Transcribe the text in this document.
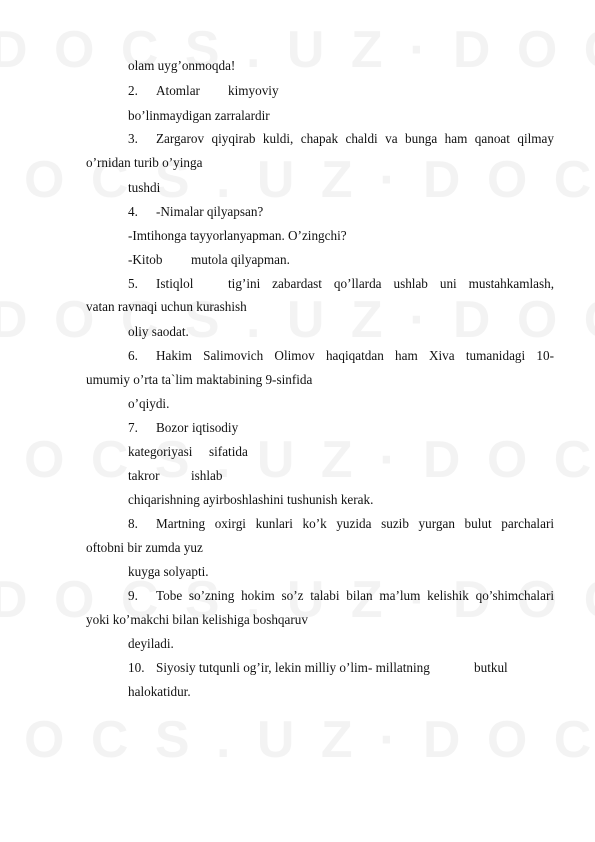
olam uyg’onmoqda!
2.	Atomlar kimyoviy
bo’linmaydigan zarralardir
3.	Zargarov qiyqirab kuldi, chapak chaldi va bunga ham qanoat qilmay
o’rnidan turib o’yinga
tushdi
4.	-Nimalar qilyapsan?
-Imtihonga tayyorlanyapman. O’zingchi?
-Kitob mutola qilyapman.
5.	Istiqlol	tig’ini zabardast qo’llarda ushlab uni mustahkamlash,
vatan ravnaqi uchun kurashish
oliy saodat.
6.	Hakim Salimovich Olimov haqiqatdan ham Xiva tumanidagi 10-
umumiy o’rta ta`lim maktabining 9-sinfida
o’qiydi.
7.	Bozor iqtisodiy
kategoriyasi sifatida
takror ishlab
chiqarishning ayirboshlashini tushunish kerak.
8.	Martning oxirgi kunlari ko’k yuzida suzib yurgan bulut parchalari
oftobni bir zumda yuz
kuyga solyapti.
9.	Tobe so’zning hokim so’z talabi bilan ma’lum kelishik qo’shimchalari
yoki ko’makchi bilan kelishiga boshqaruv
deyiladi.
10. Siyosiy tutqunli og’ir, lekin milliy o’lim- millatning	butkul
halokatidur.
